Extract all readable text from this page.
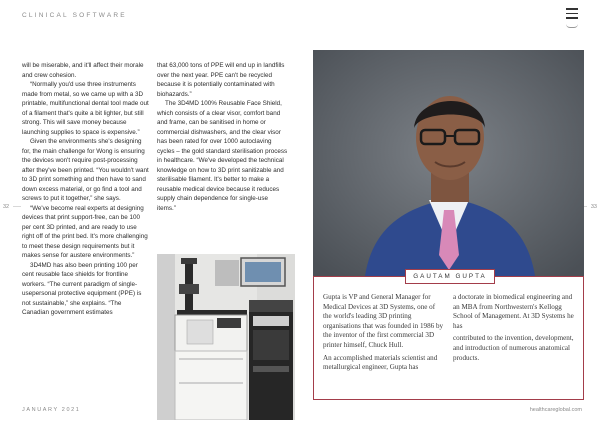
CLINICAL SOFTWARE
32	33

will be miserable, and it'll affect their morale and crew cohesion.

“Normally you'd use three instruments made from metal, so we came up with a 3D printable, multifunctional dental tool made out of a filament that's quite a bit lighter, but still strong. This will save money because launching supplies to space is expensive.”

Given the environments she's designing for, the main challenge for Wong is ensuring the devices won't require post-processing after they've been printed. “You wouldn't want to 3D print something and then have to sand down excess material, or go find a tool and screws to put it together,” she says.

“We've become real experts at designing devices that print support-free, can be 100 per cent 3D printed, and are ready to use right off of the print bed. It's more challenging to meet these design requirements but it makes sense for austere environments.”

3D4MD has also been printing 100 per cent reusable face shields for frontline workers. “The current paradigm of single-usepersonal protective equipment (PPE) is not sustainable,” she explains. “The Canadian government estimates

that 63,000 tons of PPE will end up in landfills over the next year. PPE can't be recycled because it is potentially contaminated with biohazards.”

The 3D4MD 100% Reusable Face Shield, which consists of a clear visor, comfort band and frame, can be sanitised in home or commercial dishwashers, and the clear visor has been rated for over 1000 autoclaving cycles – the gold standard sterilisation process in healthcare. “We've developed the technical knowledge on how to 3D print sanitizable and sterilisable filament. It's better to make a reusable medical device because it reduces supply chain dependence for single-use items.”

GAUTAM GUPTA

Gupta is VP and General Manager for Medical Devices at 3D Systems, one of the world's leading 3D printing organisations that was founded in 1986 by the inventor of the first commercial 3D printer himself, Chuck Hull.

An accomplished materials scientist and metallurgical engineer, Gupta has

a doctorate in biomedical engineering and an MBA from Northwestern's Kellogg School of Management. At 3D Systems he has

contributed to the invention, development, and introduction of numerous anatomical products.

JANUARY 2021	healthcareglobal.com
